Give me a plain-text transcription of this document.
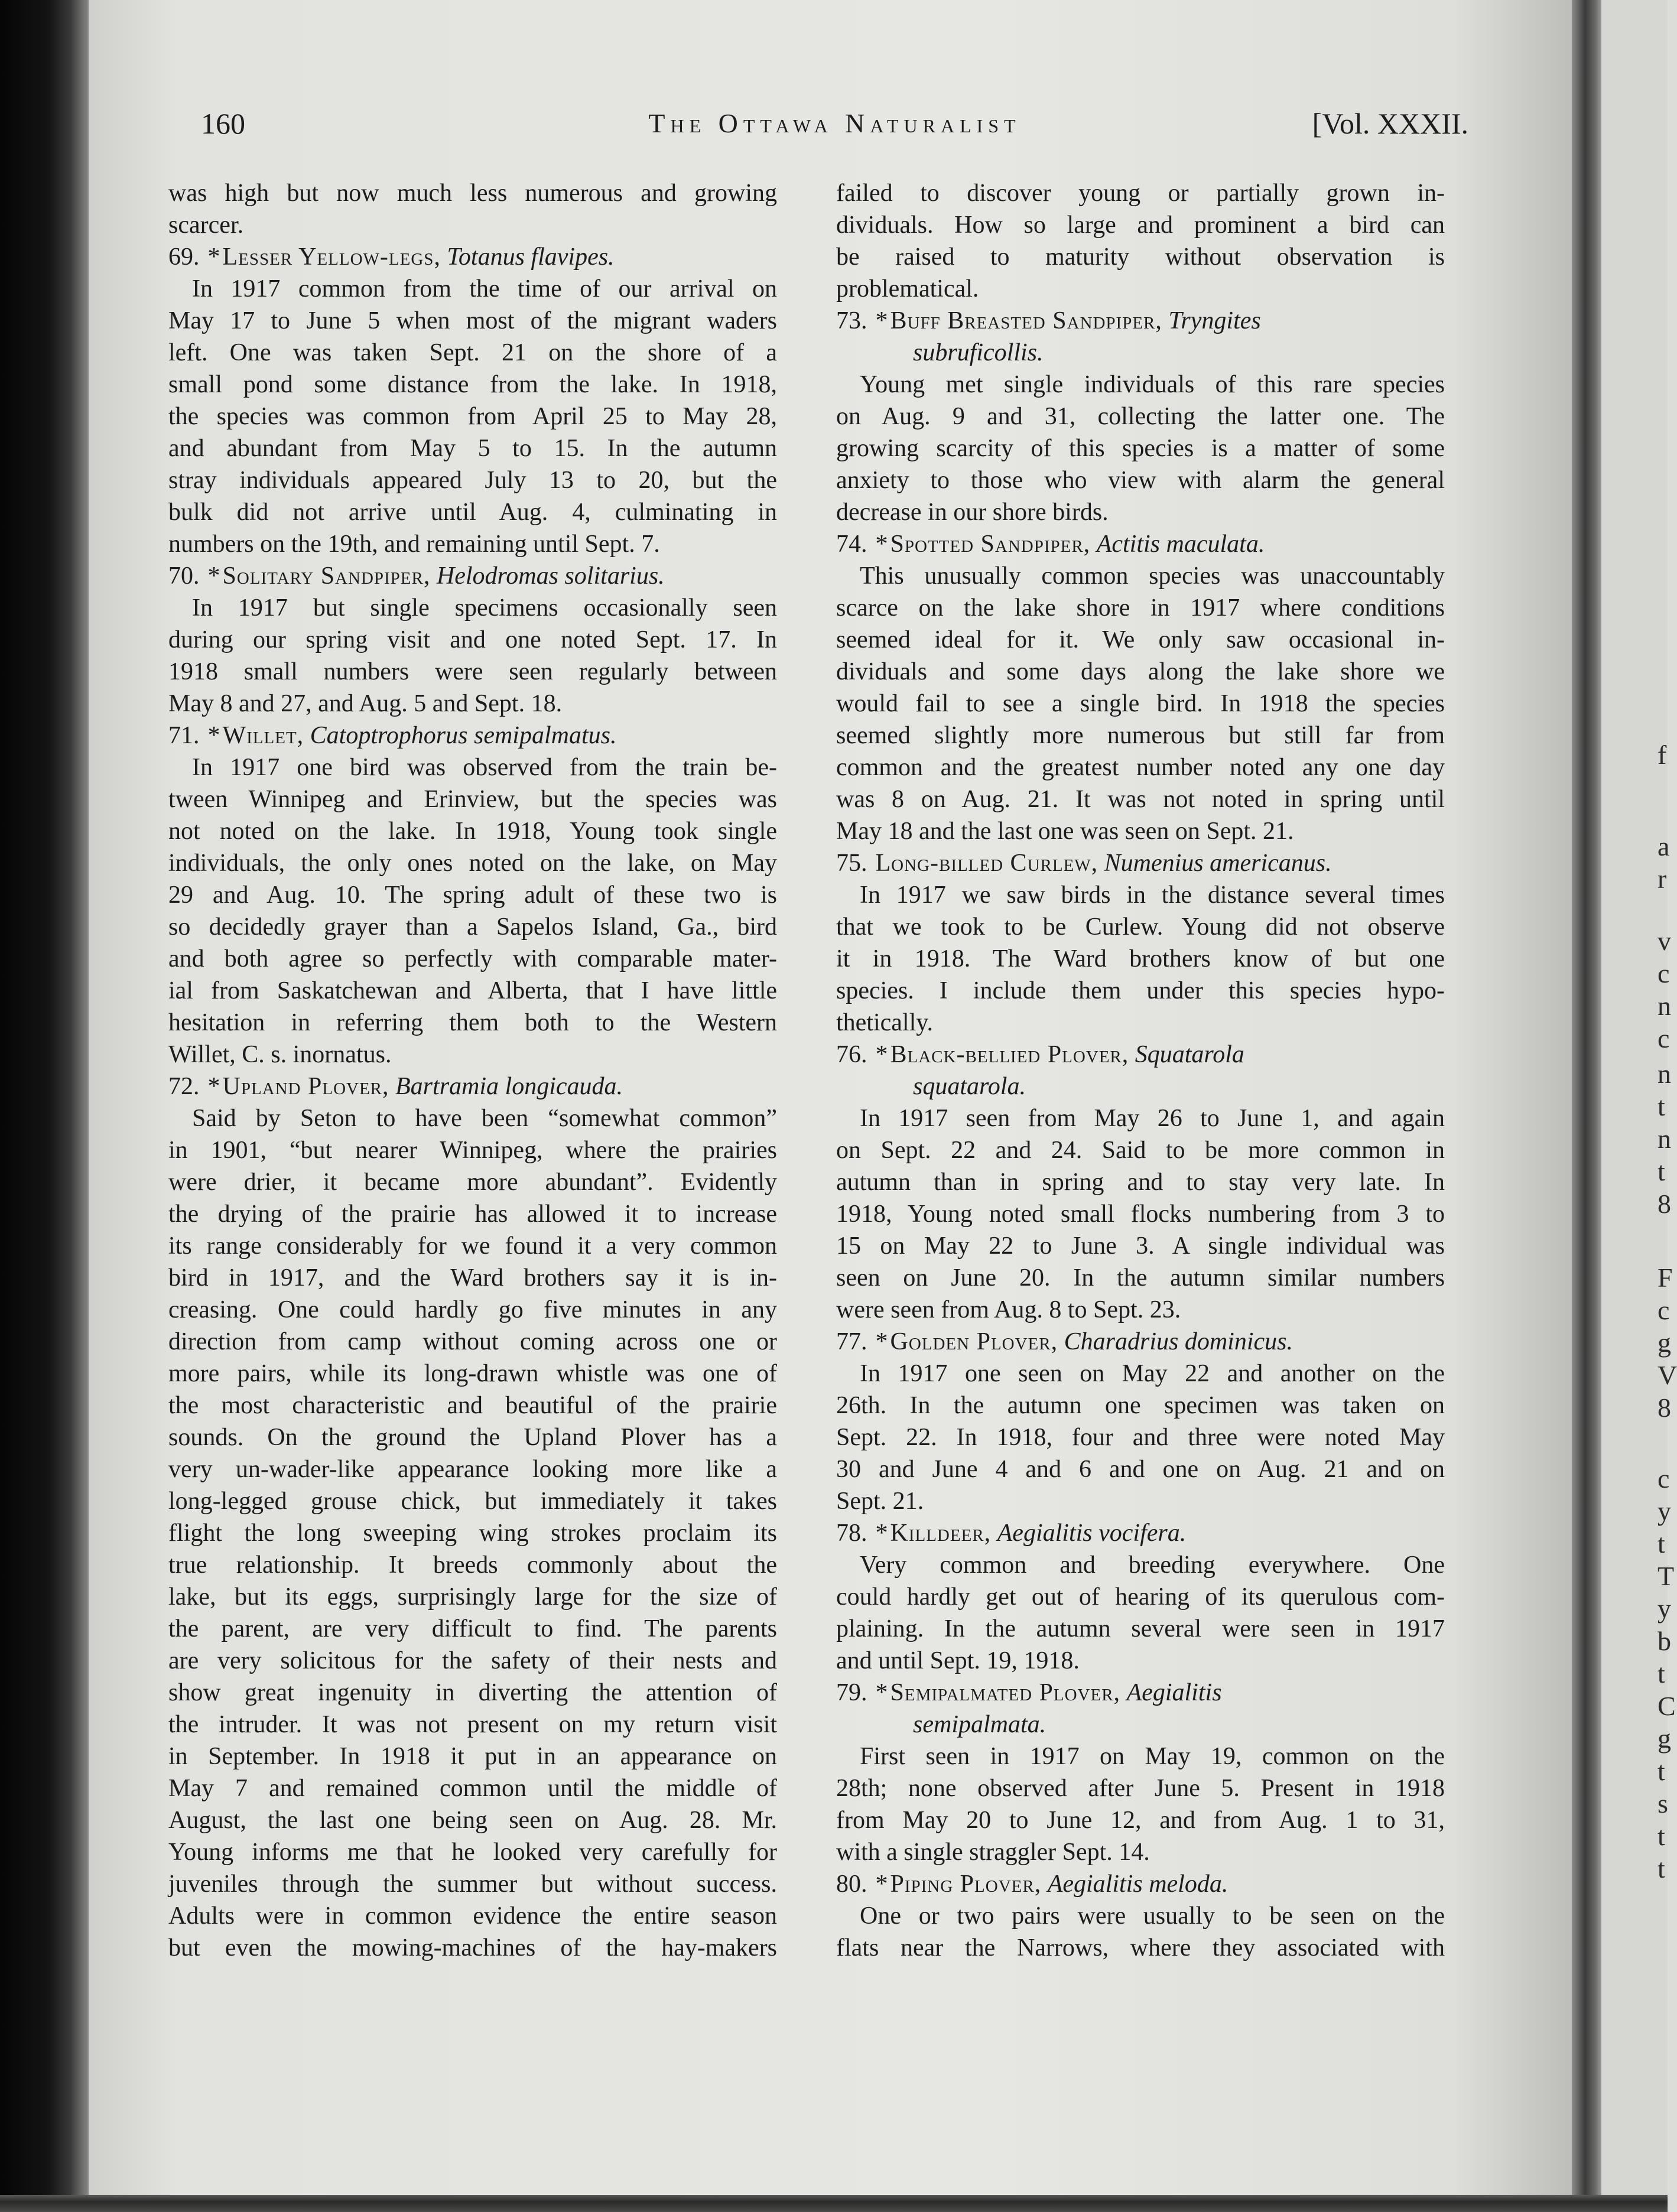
f
a
r
v
c
n
c
n
t
n
t
8
F
c
g
V
8
c
y
t
T
y
b
t
C
g
t
s
t
t
160	The Ottawa Naturalist	[Vol. XXXII.
was high but now much less numerous and growing
scarcer.
69. *Lesser Yellow-legs, Totanus flavipes.
In 1917 common from the time of our arrival on
May 17 to June 5 when most of the migrant waders
left. One was taken Sept. 21 on the shore of a
small pond some distance from the lake. In 1918,
the species was common from April 25 to May 28,
and abundant from May 5 to 15. In the autumn
stray individuals appeared July 13 to 20, but the
bulk did not arrive until Aug. 4, culminating in
numbers on the 19th, and remaining until Sept. 7.
70. *Solitary Sandpiper, Helodromas solitarius.
In 1917 but single specimens occasionally seen
during our spring visit and one noted Sept. 17. In
1918 small numbers were seen regularly between
May 8 and 27, and Aug. 5 and Sept. 18.
71. *Willet, Catoptrophorus semipalmatus.
In 1917 one bird was observed from the train be-
tween Winnipeg and Erinview, but the species was
not noted on the lake. In 1918, Young took single
individuals, the only ones noted on the lake, on May
29 and Aug. 10. The spring adult of these two is
so decidedly grayer than a Sapelos Island, Ga., bird
and both agree so perfectly with comparable mater-
ial from Saskatchewan and Alberta, that I have little
hesitation in referring them both to the Western
Willet, C. s. inornatus.
72. *Upland Plover, Bartramia longicauda.
Said by Seton to have been “somewhat common”
in 1901, “but nearer Winnipeg, where the prairies
were drier, it became more abundant”. Evidently
the drying of the prairie has allowed it to increase
its range considerably for we found it a very common
bird in 1917, and the Ward brothers say it is in-
creasing. One could hardly go five minutes in any
direction from camp without coming across one or
more pairs, while its long-drawn whistle was one of
the most characteristic and beautiful of the prairie
sounds. On the ground the Upland Plover has a
very un-wader-like appearance looking more like a
long-legged grouse chick, but immediately it takes
flight the long sweeping wing strokes proclaim its
true relationship. It breeds commonly about the
lake, but its eggs, surprisingly large for the size of
the parent, are very difficult to find. The parents
are very solicitous for the safety of their nests and
show great ingenuity in diverting the attention of
the intruder. It was not present on my return visit
in September. In 1918 it put in an appearance on
May 7 and remained common until the middle of
August, the last one being seen on Aug. 28. Mr.
Young informs me that he looked very carefully for
juveniles through the summer but without success.
Adults were in common evidence the entire season
but even the mowing-machines of the hay-makers
failed to discover young or partially grown in-
dividuals. How so large and prominent a bird can
be raised to maturity without observation is
problematical.
73. *Buff Breasted Sandpiper, Tryngites
subruficollis.
Young met single individuals of this rare species
on Aug. 9 and 31, collecting the latter one. The
growing scarcity of this species is a matter of some
anxiety to those who view with alarm the general
decrease in our shore birds.
74. *Spotted Sandpiper, Actitis maculata.
This unusually common species was unaccountably
scarce on the lake shore in 1917 where conditions
seemed ideal for it. We only saw occasional in-
dividuals and some days along the lake shore we
would fail to see a single bird. In 1918 the species
seemed slightly more numerous but still far from
common and the greatest number noted any one day
was 8 on Aug. 21. It was not noted in spring until
May 18 and the last one was seen on Sept. 21.
75. Long-billed Curlew, Numenius americanus.
In 1917 we saw birds in the distance several times
that we took to be Curlew. Young did not observe
it in 1918. The Ward brothers know of but one
species. I include them under this species hypo-
thetically.
76. *Black-bellied Plover, Squatarola
squatarola.
In 1917 seen from May 26 to June 1, and again
on Sept. 22 and 24. Said to be more common in
autumn than in spring and to stay very late. In
1918, Young noted small flocks numbering from 3 to
15 on May 22 to June 3. A single individual was
seen on June 20. In the autumn similar numbers
were seen from Aug. 8 to Sept. 23.
77. *Golden Plover, Charadrius dominicus.
In 1917 one seen on May 22 and another on the
26th. In the autumn one specimen was taken on
Sept. 22. In 1918, four and three were noted May
30 and June 4 and 6 and one on Aug. 21 and on
Sept. 21.
78. *Killdeer, Aegialitis vocifera.
Very common and breeding everywhere. One
could hardly get out of hearing of its querulous com-
plaining. In the autumn several were seen in 1917
and until Sept. 19, 1918.
79. *Semipalmated Plover, Aegialitis
semipalmata.
First seen in 1917 on May 19, common on the
28th; none observed after June 5. Present in 1918
from May 20 to June 12, and from Aug. 1 to 31,
with a single straggler Sept. 14.
80. *Piping Plover, Aegialitis meloda.
One or two pairs were usually to be seen on the
flats near the Narrows, where they associated with
